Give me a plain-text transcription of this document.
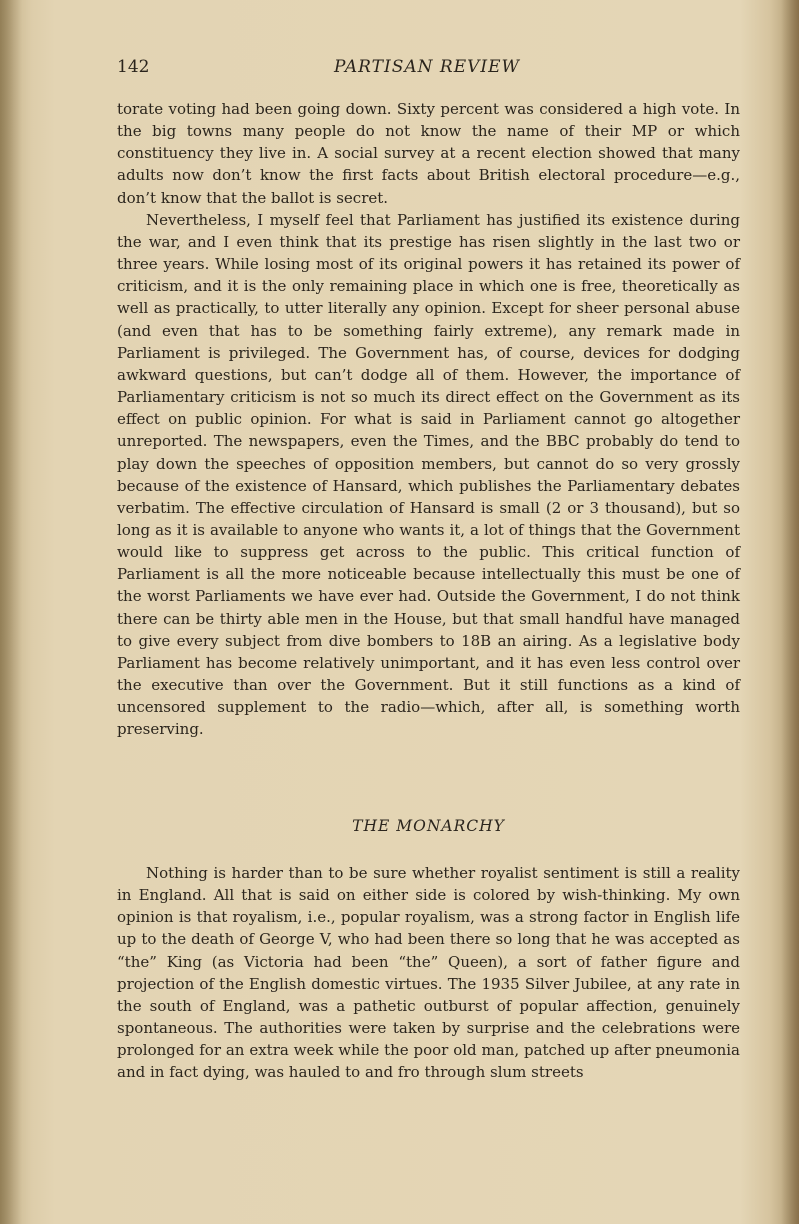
142	PARTISAN REVIEW

torate voting had been going down. Sixty percent was considered a high vote. In the big towns many people do not know the name of their MP or which constituency they live in. A social survey at a recent election showed that many adults now don’t know the first facts about British electoral procedure—e.g., don’t know that the ballot is secret.

Nevertheless, I myself feel that Parliament has justified its existence during the war, and I even think that its prestige has risen slightly in the last two or three years. While losing most of its original powers it has retained its power of criticism, and it is the only remaining place in which one is free, theoretically as well as practically, to utter literally any opinion. Except for sheer personal abuse (and even that has to be something fairly extreme), any remark made in Parliament is privileged. The Government has, of course, devices for dodging awkward questions, but can’t dodge all of them. However, the importance of Parliamentary criticism is not so much its direct effect on the Government as its effect on public opinion. For what is said in Parliament cannot go altogether unreported. The newspapers, even the Times, and the BBC probably do tend to play down the speeches of opposition members, but cannot do so very grossly because of the existence of Hansard, which publishes the Parliamentary debates verbatim. The effective circulation of Hansard is small (2 or 3 thousand), but so long as it is available to anyone who wants it, a lot of things that the Government would like to suppress get across to the public. This critical function of Parliament is all the more noticeable because intellectually this must be one of the worst Parliaments we have ever had. Outside the Government, I do not think there can be thirty able men in the House, but that small handful have managed to give every subject from dive bombers to 18B an airing. As a legislative body Parliament has become relatively unimportant, and it has even less control over the executive than over the Government. But it still functions as a kind of uncensored supplement to the radio—which, after all, is something worth preserving.

THE MONARCHY

Nothing is harder than to be sure whether royalist sentiment is still a reality in England. All that is said on either side is colored by wish-thinking. My own opinion is that royalism, i.e., popular royalism, was a strong factor in English life up to the death of George V, who had been there so long that he was accepted as “the” King (as Victoria had been “the” Queen), a sort of father figure and projection of the English domestic virtues. The 1935 Silver Jubilee, at any rate in the south of England, was a pathetic outburst of popular affection, genuinely spontaneous. The authorities were taken by surprise and the celebrations were prolonged for an extra week while the poor old man, patched up after pneumonia and in fact dying, was hauled to and fro through slum streets
